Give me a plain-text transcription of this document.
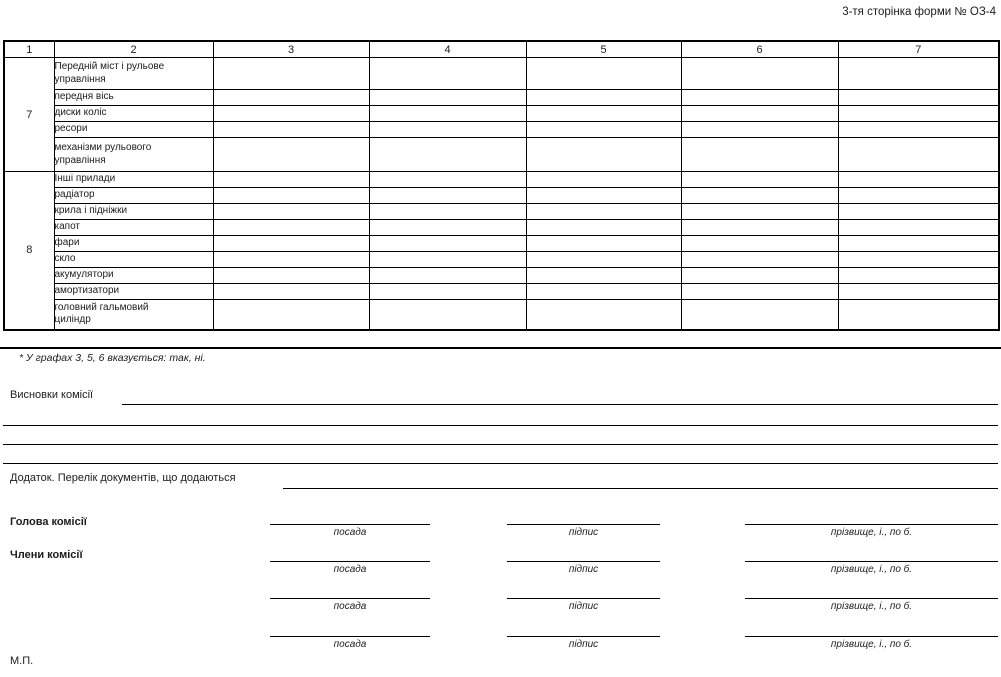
3-тя сторінка форми № ОЗ-4
1	2	3	4	5	6	7
7	Передній міст і рульове управління					
	передня вісь					
	диски коліс					
	ресори					
	механізми рульового управління					
8	Інші прилади					
	радіатор					
	крила і підніжки					
	капот					
	фари					
	скло					
	акумулятори					
	амортизатори					
	головний гальмовий циліндр					
* У графах 3, 5, 6 вказується: так, ні.
Висновки комісії
Додаток. Перелік документів, що додаються
Голова комісії
Члени комісії
посада	підпис	прізвище, і., по б.
посада	підпис	прізвище, і., по б.
посада	підпис	прізвище, і., по б.
посада	підпис	прізвище, і., по б.
М.П.
